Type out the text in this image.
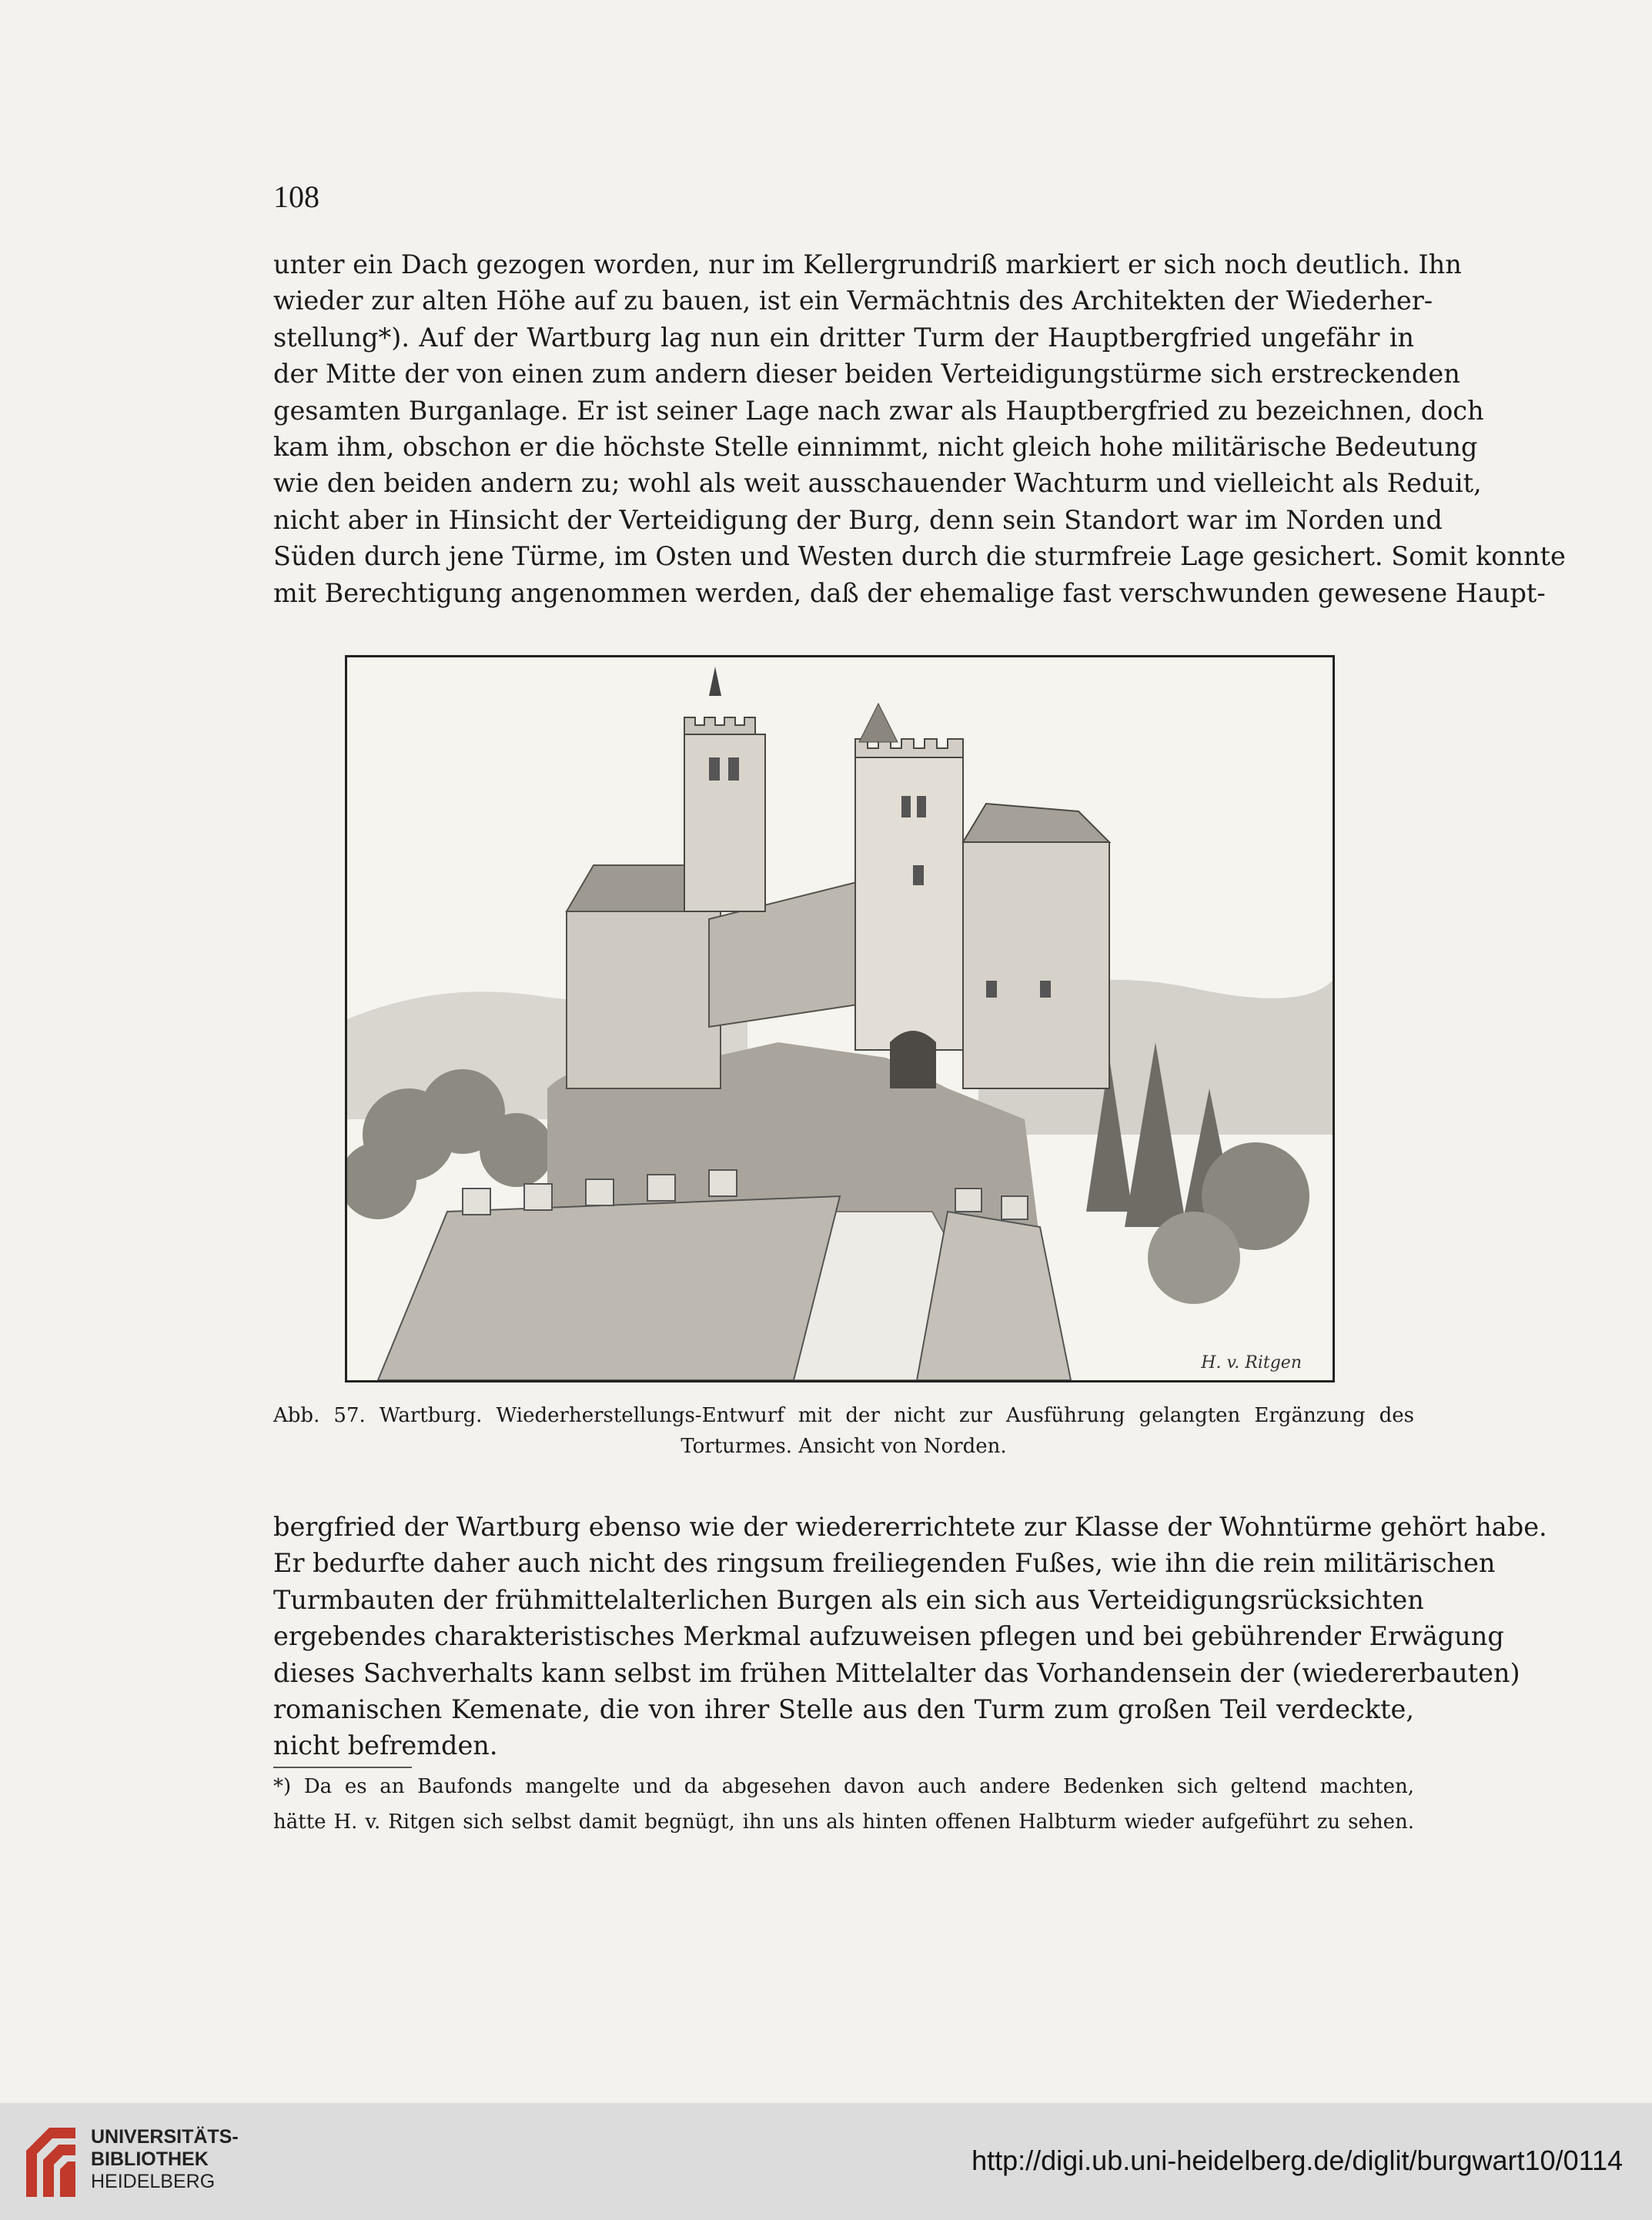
108
unter ein Dach gezogen worden, nur im Kellergrundriß markiert er sich noch deutlich. Ihn
wieder zur alten Höhe auf zu bauen, ist ein Vermächtnis des Architekten der Wiederher-
stellung*). Auf der Wartburg lag nun ein dritter Turm der Hauptbergfried ungefähr in
der Mitte der von einen zum andern dieser beiden Verteidigungstürme sich erstreckenden
gesamten Burganlage. Er ist seiner Lage nach zwar als Hauptbergfried zu bezeichnen, doch
kam ihm, obschon er die höchste Stelle einnimmt, nicht gleich hohe militärische Bedeutung
wie den beiden andern zu; wohl als weit ausschauender Wachturm und vielleicht als Reduit,
nicht aber in Hinsicht der Verteidigung der Burg, denn sein Standort war im Norden und
Süden durch jene Türme, im Osten und Westen durch die sturmfreie Lage gesichert. Somit konnte
mit Berechtigung angenommen werden, daß der ehemalige fast verschwunden gewesene Haupt-
H. v. Ritgen
Abb. 57. Wartburg. Wiederherstellungs-Entwurf mit der nicht zur Ausführung gelangten Ergänzung des
Torturmes. Ansicht von Norden.
bergfried der Wartburg ebenso wie der wiedererrichtete zur Klasse der Wohntürme gehört habe.
Er bedurfte daher auch nicht des ringsum freiliegenden Fußes, wie ihn die rein militärischen
Turmbauten der frühmittelalterlichen Burgen als ein sich aus Verteidigungsrücksichten
ergebendes charakteristisches Merkmal aufzuweisen pflegen und bei gebührender Erwägung
dieses Sachverhalts kann selbst im frühen Mittelalter das Vorhandensein der (wiedererbauten)
romanischen Kemenate, die von ihrer Stelle aus den Turm zum großen Teil verdeckte,
nicht befremden.
*) Da es an Baufonds mangelte und da abgesehen davon auch andere Bedenken sich geltend machten,
hätte H. v. Ritgen sich selbst damit begnügt, ihn uns als hinten offenen Halbturm wieder aufgeführt zu sehen.
UNIVERSITÄTS-
BIBLIOTHEK
HEIDELBERG
http://digi.ub.uni-heidelberg.de/diglit/burgwart10/0114
